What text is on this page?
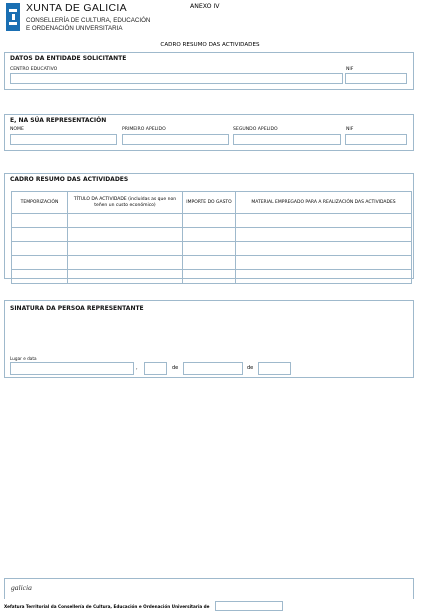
XUNTA DE GALICIA
CONSELLERÍA DE CULTURA, EDUCACIÓN
E ORDENACIÓN UNIVERSITARIA
ANEXO IV
CADRO RESUMO DAS ACTIVIDADES
DATOS DA ENTIDADE SOLICITANTE
CENTRO EDUCATIVO	NIF
E, NA SÚA REPRESENTACIÓN
NOME	PRIMEIRO APELIDO	SEGUNDO APELIDO	NIF
CADRO RESUMO DAS ACTIVIDADES
TEMPORIZACIÓN	TÍTULO DA ACTIVIDADE (incluídas as que non teñen un custo económico)	IMPORTE DO GASTO	MATERIAL EMPREGADO PARA A REALIZACIÓN DAS ACTIVIDADES

SINATURA DA PERSOA REPRESENTANTE
Lugar e data
,	de	de
galicia
Xefatura Territorial da Consellería de Cultura, Educación e Ordenación Universitaria de
